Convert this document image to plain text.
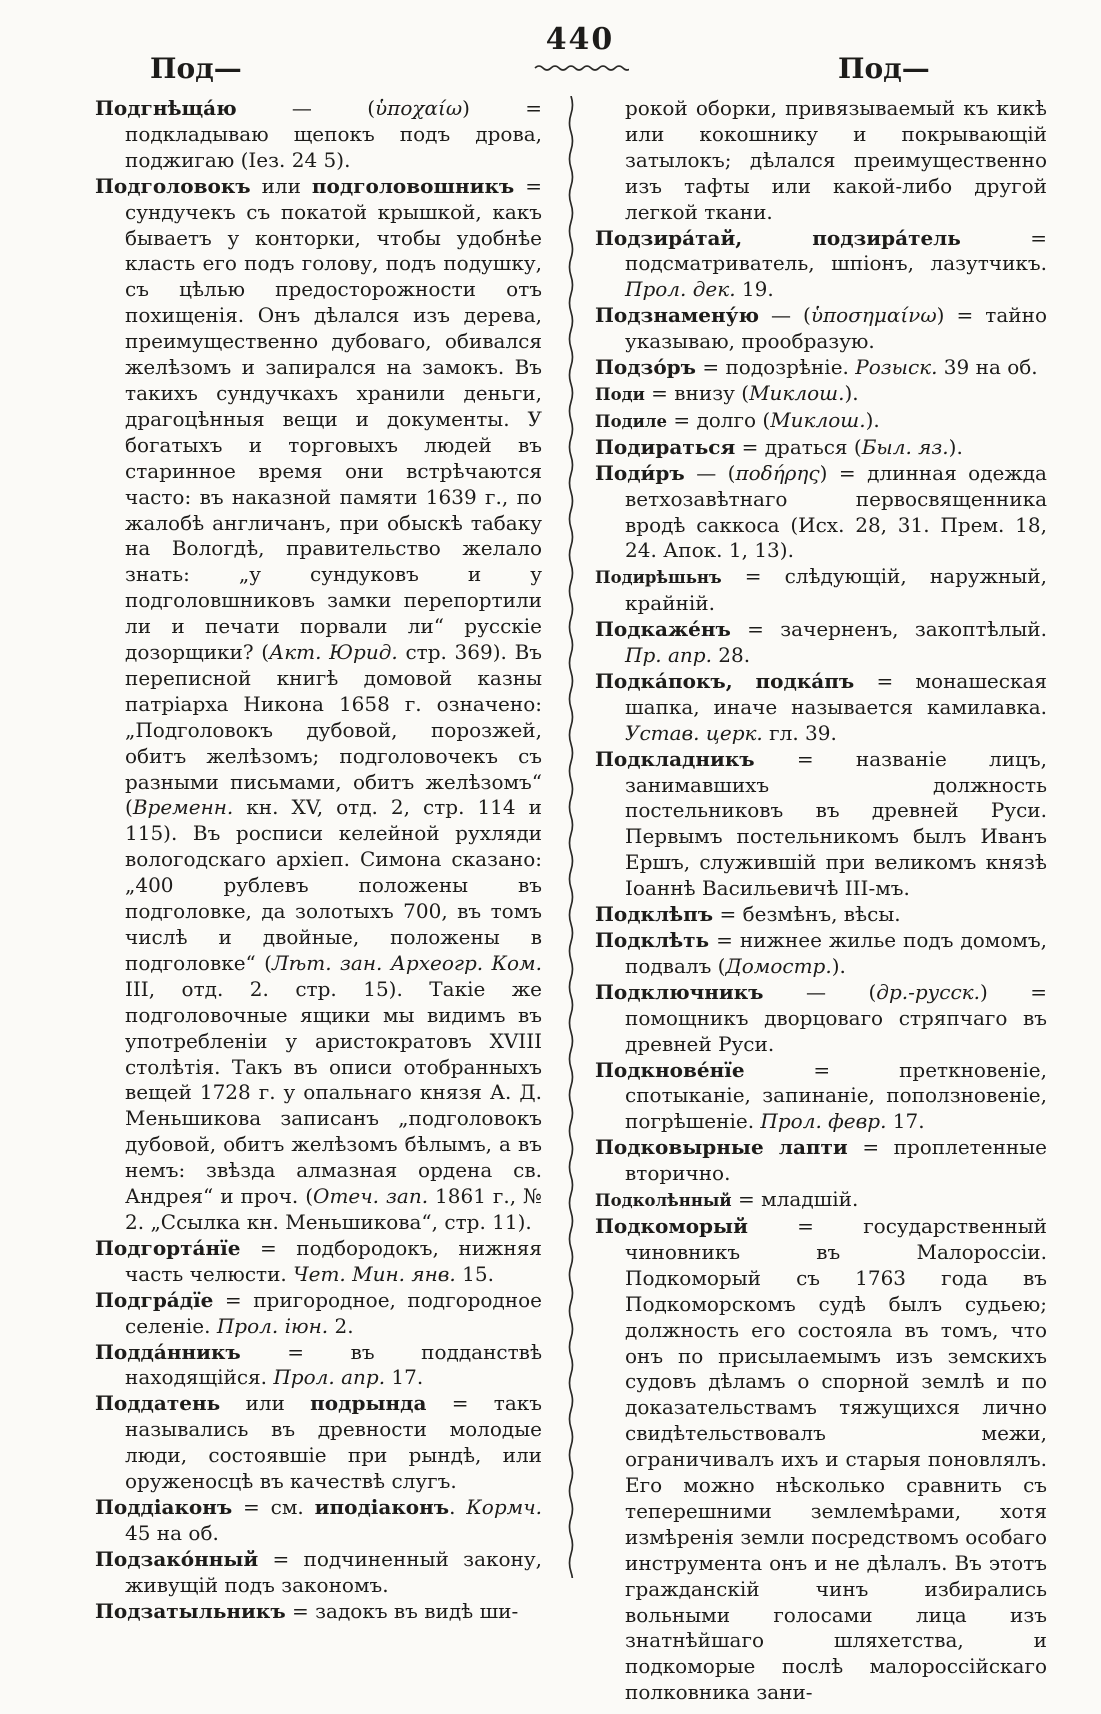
440
Под—	Под—

Подгнѣща́ю — (ὑποχαίω) = подкладываю щепокъ подъ дрова, поджигаю (Іез. 24 5).

Подголовокъ или подголовошникъ = сундучекъ съ покатой крышкой, какъ бываетъ у конторки, чтобы удобнѣе класть его подъ голову, подъ подушку, съ цѣлью предосторожности отъ похищенія. Онъ дѣлался изъ дерева, преимущественно дубоваго, обивался желѣзомъ и запирался на замокъ. Въ такихъ сундучкахъ хранили деньги, драгоцѣнныя вещи и документы. У богатыхъ и торговыхъ людей въ старинное время они встрѣчаются часто: въ наказной памяти 1639 г., по жалобѣ англичанъ, при обыскѣ табаку на Вологдѣ, правительство желало знать: „у сундуковъ и у подголовшниковъ замки перепортили ли и печати порвали ли“ русскіе дозорщики? (Акт. Юрид. стр. 369). Въ переписной книгѣ домовой казны патріарха Никона 1658 г. означено: „Подголовокъ дубовой, порозжей, обитъ желѣзомъ; подголовочекъ съ разными письмами, обитъ желѣзомъ“ (Временн. кн. XV, отд. 2, стр. 114 и 115). Въ росписи келейной рухляди вологодскаго архіеп. Симона сказано: „400 рублевъ положены въ подголовке, да золотыхъ 700, въ томъ числѣ и двойные, положены в подголовке“ (Лѣт. зан. Археогр. Ком. III, отд. 2. стр. 15). Такіе же подголовочные ящики мы видимъ въ употребленіи у аристократовъ XVIII столѣтія. Такъ въ описи отобранныхъ вещей 1728 г. у опальнаго князя А. Д. Меньшикова записанъ „подголовокъ дубовой, обитъ желѣзомъ бѣлымъ, а въ немъ: звѣзда алмазная ордена св. Андрея“ и проч. (Отеч. зап. 1861 г., № 2. „Ссылка кн. Меньшикова“, стр. 11).

Подгорта́нїе = подбородокъ, нижняя часть челюсти. Чет. Мин. янв. 15.

Подгра́дїе = пригородное, подгородное селеніе. Прол. іюн. 2.

Подда́нникъ = въ подданствѣ находящійся. Прол. апр. 17.

Поддатень или подрында = такъ назывались въ древности молодые люди, состоявшіе при рындѣ, или оруженосцѣ въ качествѣ слугъ.

Поддіаконъ = см. иподіаконъ. Кормч. 45 на об.

Подзако́нный = подчиненный закону, живущій подъ закономъ.

Подзатыльникъ = задокъ въ видѣ ши-

рокой оборки, привязываемый къ кикѣ или кокошнику и покрывающій затылокъ; дѣлался преимущественно изъ тафты или какой-либо другой легкой ткани.

Подзира́тай, подзира́тель = подсматриватель, шпіонъ, лазутчикъ. Прол. дек. 19.

Подзнамену́ю — (ὑποσημαίνω) = тайно указываю, прообразую.

Подзо́ръ = подозрѣніе. Розыск. 39 на об.

Поди = внизу (Миклош.).

Подиле = долго (Миклош.).

Подираться = драться (Был. яз.).

Поди́ръ — (ποδήρης) = длинная одежда ветхозавѣтнаго первосвященника вродѣ саккоса (Исх. 28, 31. Прем. 18, 24. Апок. 1, 13).

Подирѣшьнъ = слѣдующій, наружный, крайній.

Подкаже́нъ = зачерненъ, закоптѣлый. Пр. апр. 28.

Подка́покъ, подка́пъ = монашеская шапка, иначе называется камилавка. Устав. церк. гл. 39.

Подкладникъ = названіе лицъ, занимавшихъ должность постельниковъ въ древней Руси. Первымъ постельникомъ былъ Иванъ Ершъ, служившій при великомъ князѣ Іоаннѣ Васильевичѣ III-мъ.

Подклѣпъ = безмѣнъ, вѣсы.

Подклѣть = нижнее жилье подъ домомъ, подвалъ (Домостр.).

Подключникъ — (др.-русск.) = помощникъ дворцоваго стряпчаго въ древней Руси.

Подкнове́нїе = преткновеніе, спотыканіе, запинаніе, поползновеніе, погрѣшеніе. Прол. февр. 17.

Подковырные лапти = проплетенные вторично.

Подколѣнный = младшій.

Подкоморый = государственный чиновникъ въ Малороссіи. Подкоморый съ 1763 года въ Подкоморскомъ судѣ былъ судьею; должность его состояла въ томъ, что онъ по присылаемымъ изъ земскихъ судовъ дѣламъ о спорной землѣ и по доказательствамъ тяжущихся лично свидѣтельствовалъ межи, ограничивалъ ихъ и старыя поновлялъ. Его можно нѣсколько сравнить съ теперешними землемѣрами, хотя измѣренія земли посредствомъ особаго инструмента онъ и не дѣлалъ. Въ этотъ гражданскій чинъ избирались вольными голосами лица изъ знатнѣйшаго шляхетства, и подкоморые послѣ малороссійскаго полковника зани-
